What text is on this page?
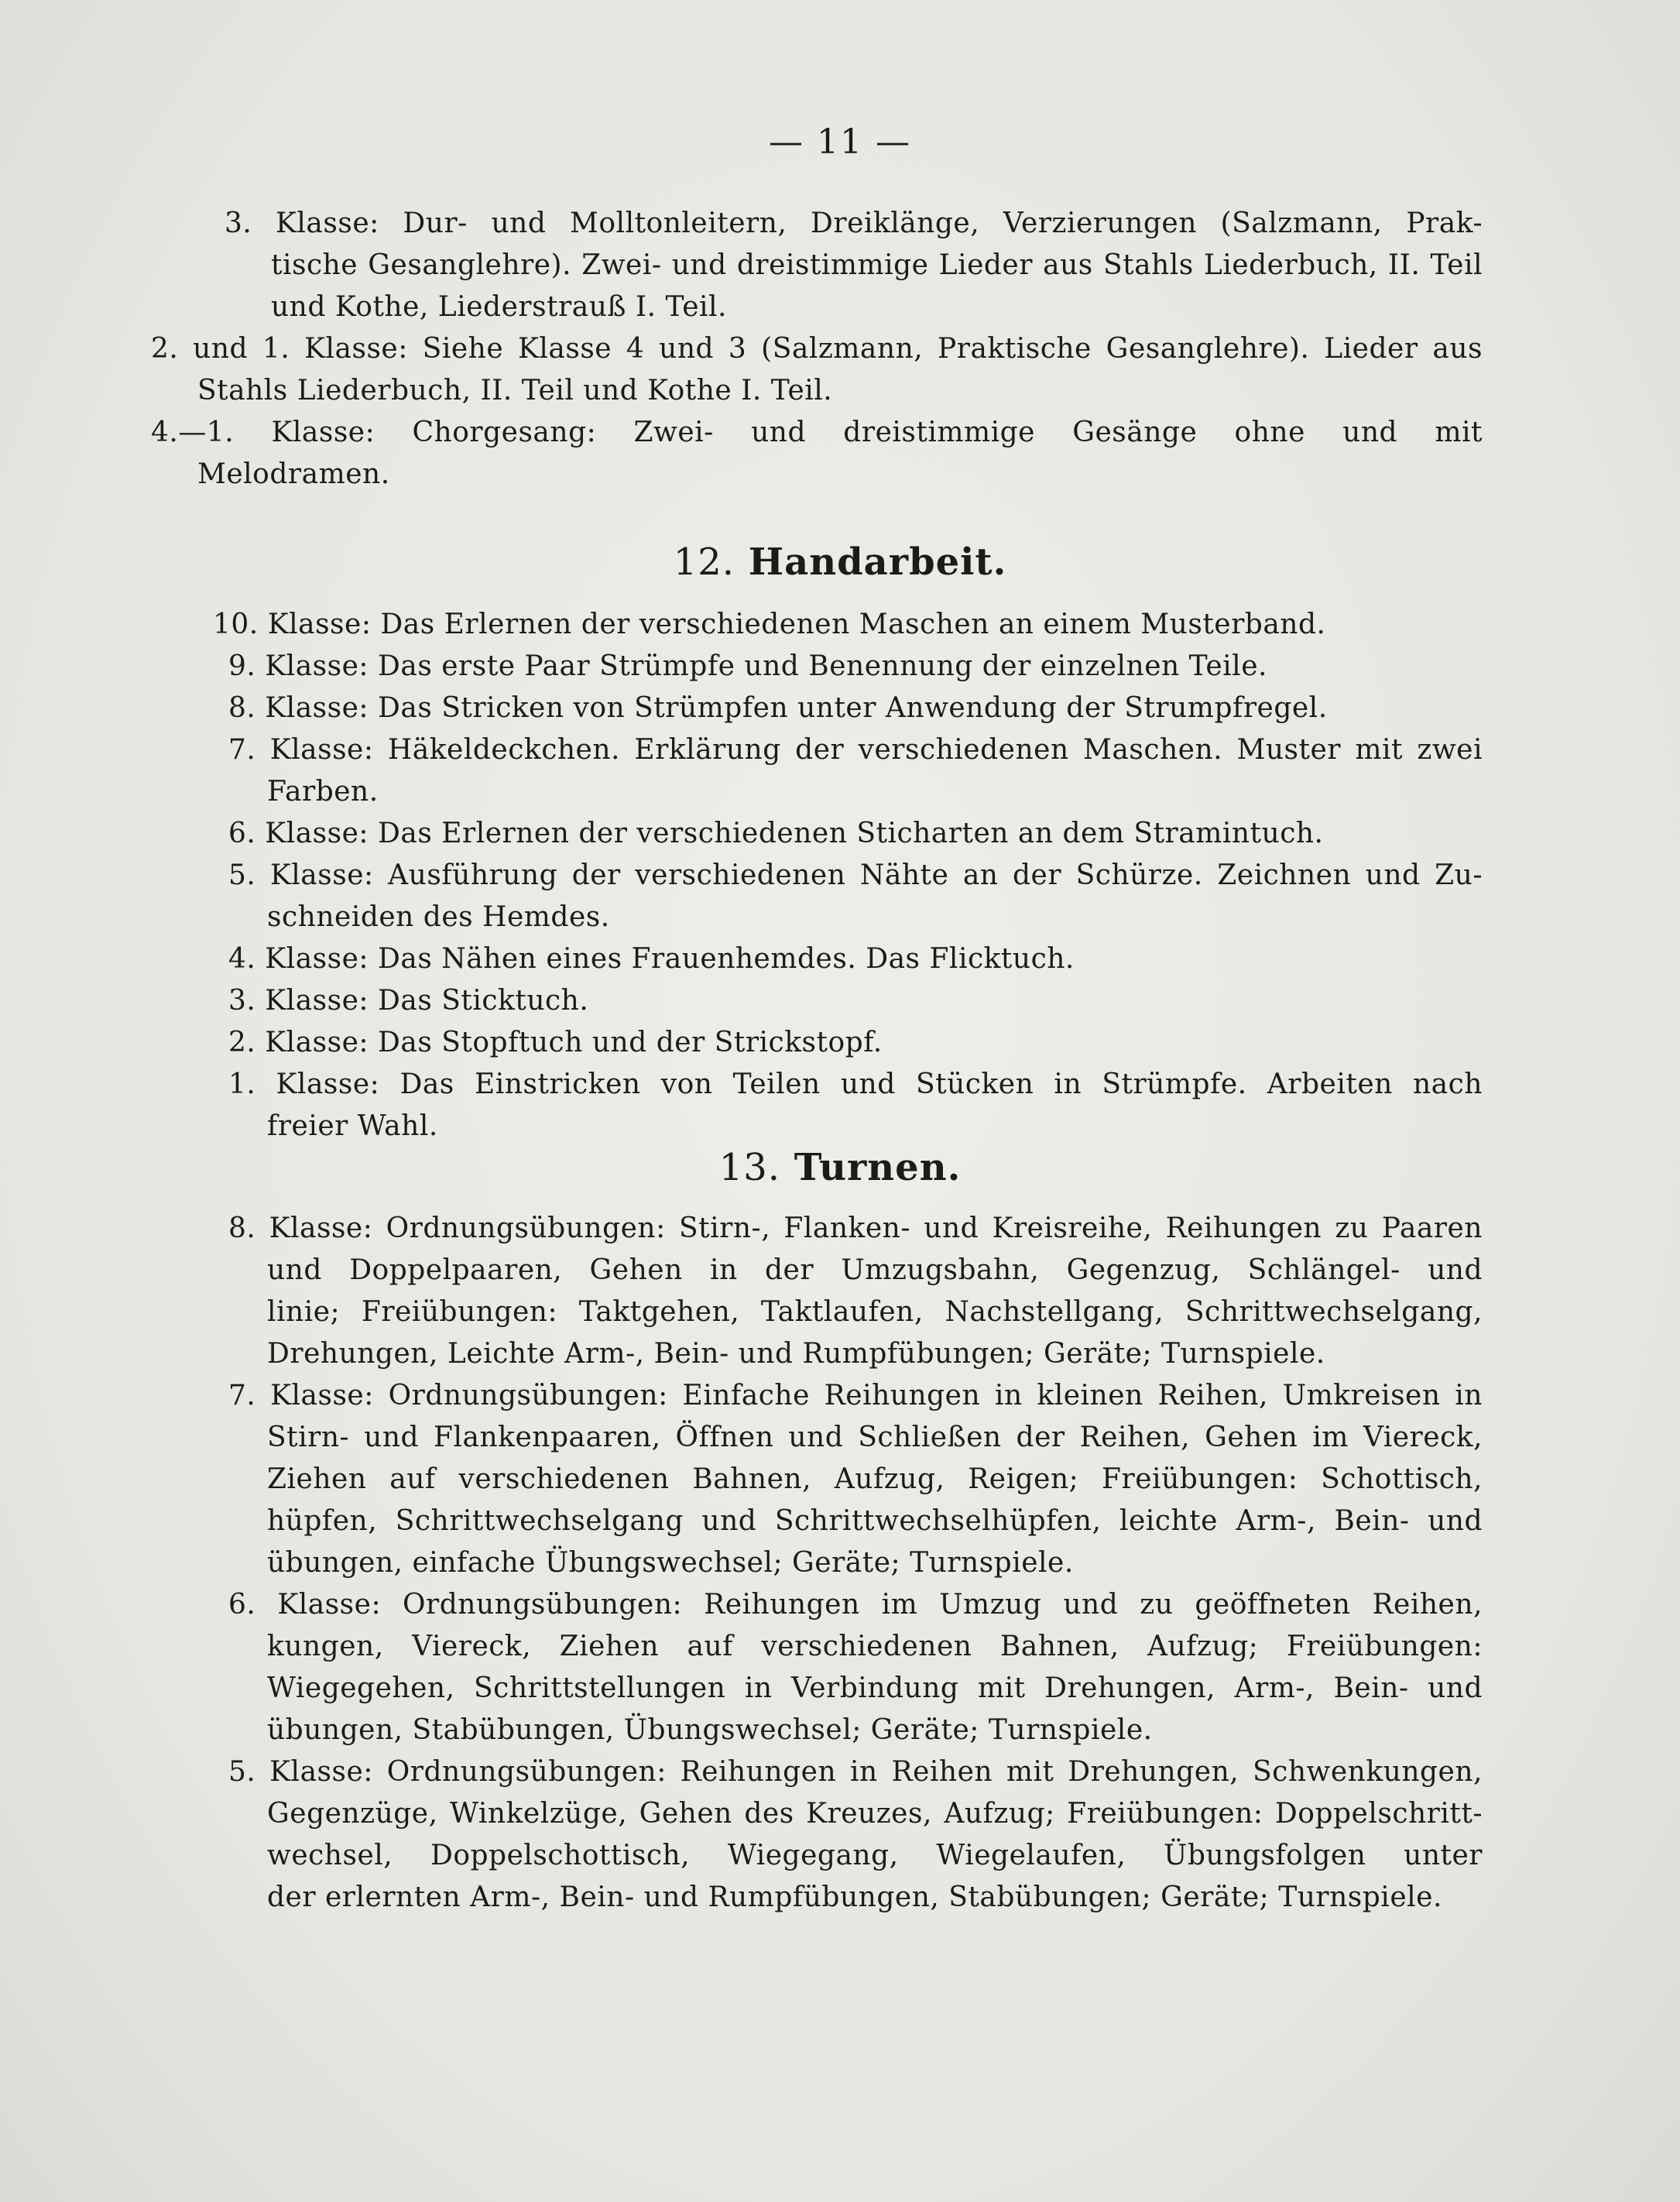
— 11 —
3. Klasse: Dur- und Molltonleitern, Dreiklänge, Verzierungen (Salzmann, Prak-
tische Gesanglehre). Zwei- und dreistimmige Lieder aus Stahls Liederbuch, II. Teil
und Kothe, Liederstrauß I. Teil.
2. und 1. Klasse: Siehe Klasse 4 und 3 (Salzmann, Praktische Gesanglehre). Lieder aus
Stahls Liederbuch, II. Teil und Kothe I. Teil.
4.—1. Klasse: Chorgesang: Zwei- und dreistimmige Gesänge ohne und mit
Melodramen.
12. Handarbeit.
10. Klasse: Das Erlernen der verschiedenen Maschen an einem Musterband.
9. Klasse: Das erste Paar Strümpfe und Benennung der einzelnen Teile.
8. Klasse: Das Stricken von Strümpfen unter Anwendung der Strumpfregel.
7. Klasse: Häkeldeckchen. Erklärung der verschiedenen Maschen. Muster mit zwei
Farben.
6. Klasse: Das Erlernen der verschiedenen Sticharten an dem Stramintuch.
5. Klasse: Ausführung der verschiedenen Nähte an der Schürze. Zeichnen und Zu-
schneiden des Hemdes.
4. Klasse: Das Nähen eines Frauenhemdes. Das Flicktuch.
3. Klasse: Das Sticktuch.
2. Klasse: Das Stopftuch und der Strickstopf.
1. Klasse: Das Einstricken von Teilen und Stücken in Strümpfe. Arbeiten nach
freier Wahl.
13. Turnen.
8. Klasse: Ordnungsübungen: Stirn-, Flanken- und Kreisreihe, Reihungen zu Paaren
und Doppelpaaren, Gehen in der Umzugsbahn, Gegenzug, Schlängel- und
linie; Freiübungen: Taktgehen, Taktlaufen, Nachstellgang, Schrittwechselgang,
Drehungen, Leichte Arm-, Bein- und Rumpfübungen; Geräte; Turnspiele.
7. Klasse: Ordnungsübungen: Einfache Reihungen in kleinen Reihen, Umkreisen in
Stirn- und Flankenpaaren, Öffnen und Schließen der Reihen, Gehen im Viereck,
Ziehen auf verschiedenen Bahnen, Aufzug, Reigen; Freiübungen: Schottisch,
hüpfen, Schrittwechselgang und Schrittwechselhüpfen, leichte Arm-, Bein- und
übungen, einfache Übungswechsel; Geräte; Turnspiele.
6. Klasse: Ordnungsübungen: Reihungen im Umzug und zu geöffneten Reihen,
kungen, Viereck, Ziehen auf verschiedenen Bahnen, Aufzug; Freiübungen:
Wiegegehen, Schrittstellungen in Verbindung mit Drehungen, Arm-, Bein- und
übungen, Stabübungen, Übungswechsel; Geräte; Turnspiele.
5. Klasse: Ordnungsübungen: Reihungen in Reihen mit Drehungen, Schwenkungen,
Gegenzüge, Winkelzüge, Gehen des Kreuzes, Aufzug; Freiübungen: Doppelschritt-
wechsel, Doppelschottisch, Wiegegang, Wiegelaufen, Übungsfolgen unter
der erlernten Arm-, Bein- und Rumpfübungen, Stabübungen; Geräte; Turnspiele.
